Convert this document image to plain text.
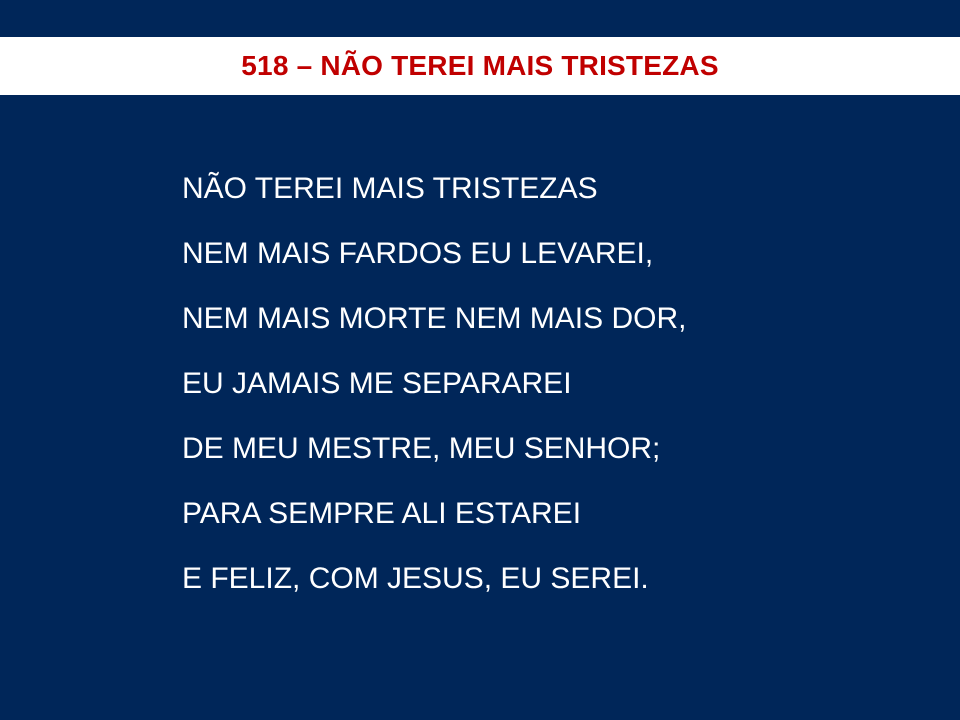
518 – NÃO TEREI MAIS TRISTEZAS
NÃO TEREI MAIS TRISTEZAS
NEM MAIS FARDOS EU LEVAREI,
NEM MAIS MORTE NEM MAIS DOR,
EU JAMAIS ME SEPARAREI
DE MEU MESTRE, MEU SENHOR;
PARA SEMPRE ALI ESTAREI
E FELIZ, COM JESUS, EU SEREI.
